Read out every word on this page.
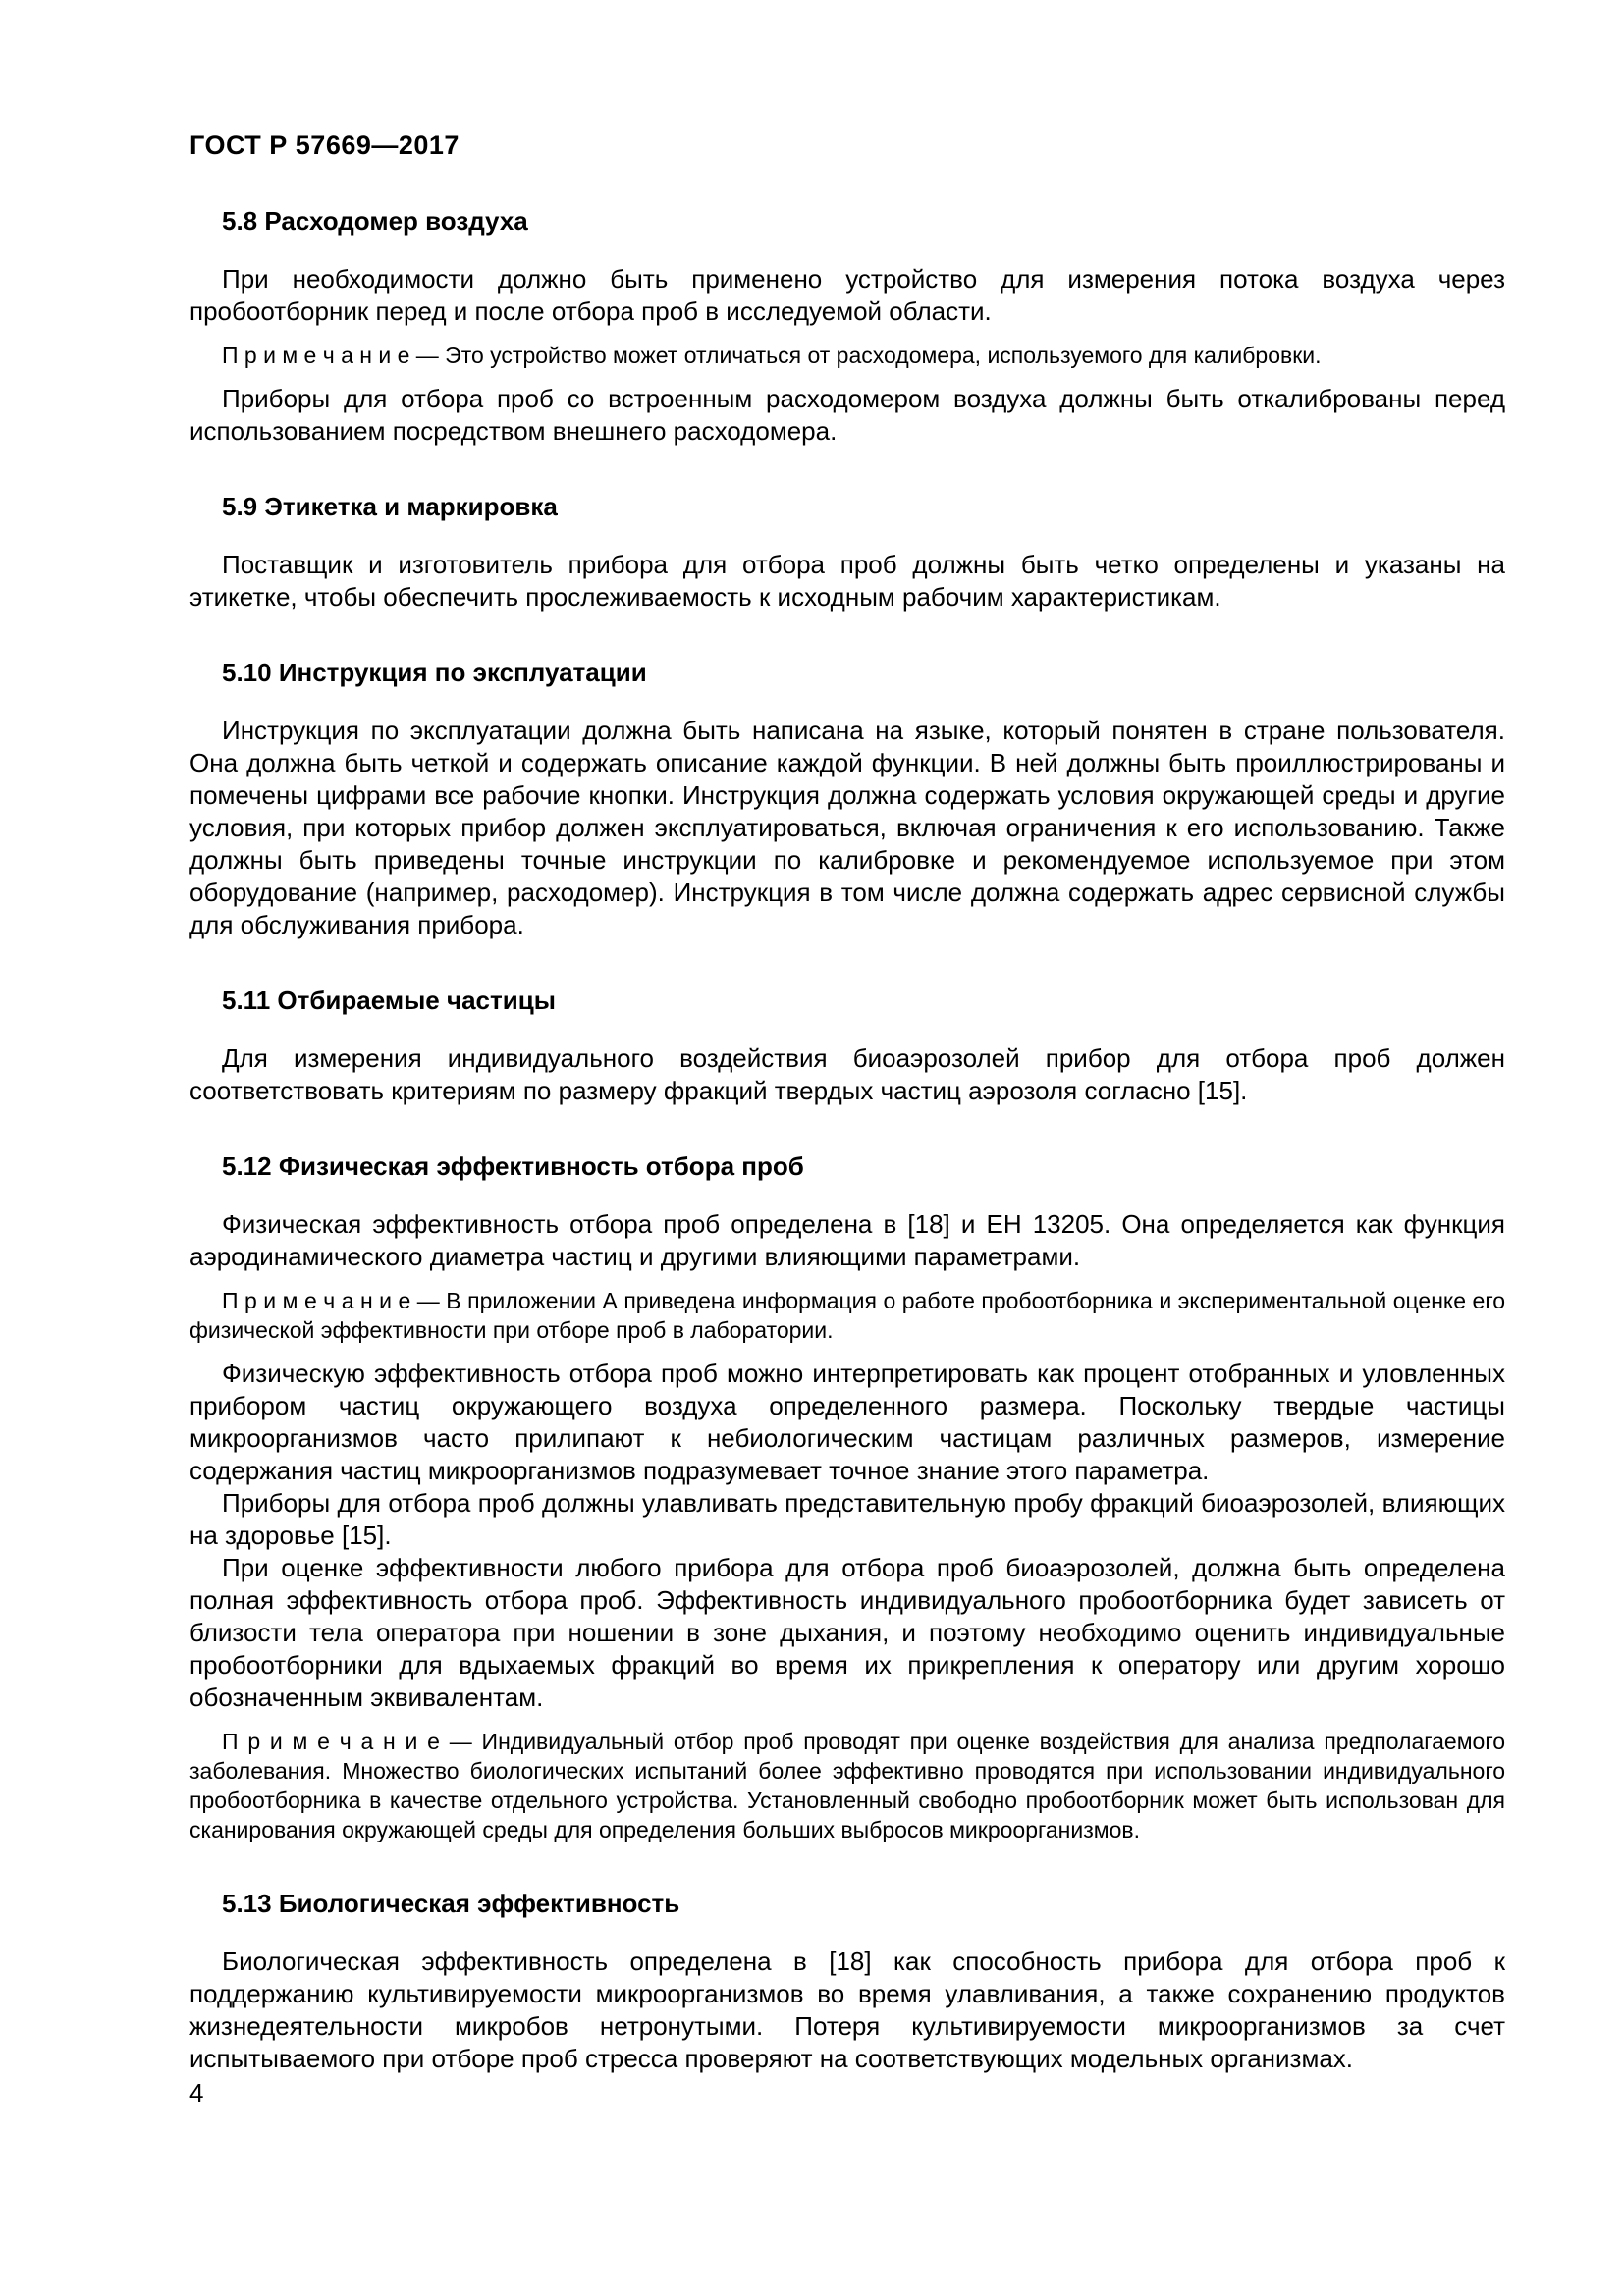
ГОСТ Р 57669—2017
5.8 Расходомер воздуха

При необходимости должно быть применено устройство для измерения потока воздуха через пробоотборник перед и после отбора проб в исследуемой области.

П р и м е ч а н и е — Это устройство может отличаться от расходомера, используемого для калибровки.

Приборы для отбора проб со встроенным расходомером воздуха должны быть откалиброваны перед использованием посредством внешнего расходомера.

5.9 Этикетка и маркировка

Поставщик и изготовитель прибора для отбора проб должны быть четко определены и указаны на этикетке, чтобы обеспечить прослеживаемость к исходным рабочим характеристикам.

5.10 Инструкция по эксплуатации

Инструкция по эксплуатации должна быть написана на языке, который понятен в стране пользователя. Она должна быть четкой и содержать описание каждой функции. В ней должны быть проиллюстрированы и помечены цифрами все рабочие кнопки. Инструкция должна содержать условия окружающей среды и другие условия, при которых прибор должен эксплуатироваться, включая ограничения к его использованию. Также должны быть приведены точные инструкции по калибровке и рекомендуемое используемое при этом оборудование (например, расходомер). Инструкция в том числе должна содержать адрес сервисной службы для обслуживания прибора.

5.11 Отбираемые частицы

Для измерения индивидуального воздействия биоаэрозолей прибор для отбора проб должен соответствовать критериям по размеру фракций твердых частиц аэрозоля согласно [15].

5.12 Физическая эффективность отбора проб

Физическая эффективность отбора проб определена в [18] и ЕН 13205. Она определяется как функция аэродинамического диаметра частиц и другими влияющими параметрами.

П р и м е ч а н и е — В приложении А приведена информация о работе пробоотборника и экспериментальной оценке его физической эффективности при отборе проб в лаборатории.

Физическую эффективность отбора проб можно интерпретировать как процент отобранных и уловленных прибором частиц окружающего воздуха определенного размера. Поскольку твердые частицы микроорганизмов часто прилипают к небиологическим частицам различных размеров, измерение содержания частиц микроорганизмов подразумевает точное знание этого параметра.

Приборы для отбора проб должны улавливать представительную пробу фракций биоаэрозолей, влияющих на здоровье [15].

При оценке эффективности любого прибора для отбора проб биоаэрозолей, должна быть определена полная эффективность отбора проб. Эффективность индивидуального пробоотборника будет зависеть от близости тела оператора при ношении в зоне дыхания, и поэтому необходимо оценить индивидуальные пробоотборники для вдыхаемых фракций во время их прикрепления к оператору или другим хорошо обозначенным эквивалентам.

П р и м е ч а н и е — Индивидуальный отбор проб проводят при оценке воздействия для анализа предполагаемого заболевания. Множество биологических испытаний более эффективно проводятся при использовании индивидуального пробоотборника в качестве отдельного устройства. Установленный свободно пробоотборник может быть использован для сканирования окружающей среды для определения больших выбросов микроорганизмов.

5.13 Биологическая эффективность

Биологическая эффективность определена в [18] как способность прибора для отбора проб к поддержанию культивируемости микроорганизмов во время улавливания, а также сохранению продуктов жизнедеятельности микробов нетронутыми. Потеря культивируемости микроорганизмов за счет испытываемого при отборе проб стресса проверяют на соответствующих модельных организмах.

4
